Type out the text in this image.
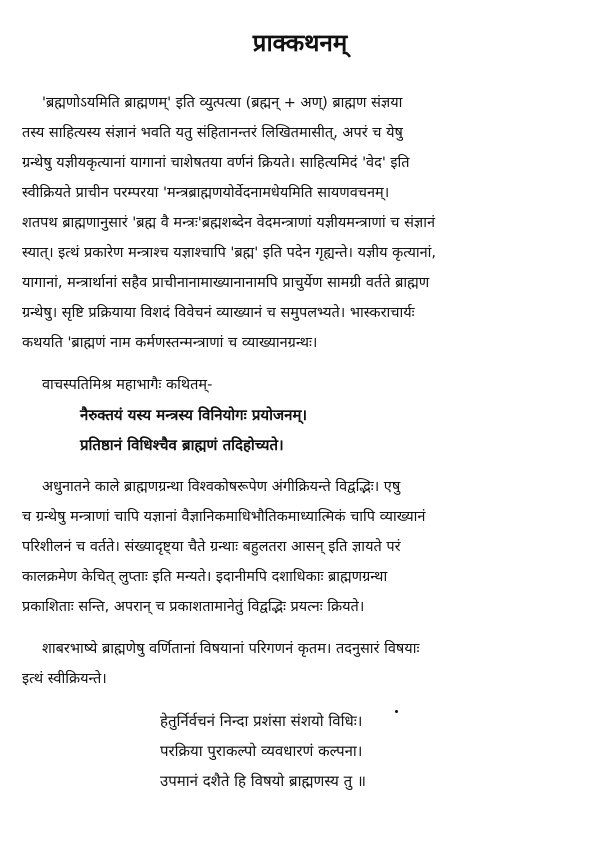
प्राक्कथनम्
'ब्रह्मणोऽयमिति ब्राह्मणम्' इति व्युत्पत्या (ब्रह्मन् + अण्) ब्राह्मण संज्ञया
तस्य साहित्यस्य संज्ञानं भवति यतु संहितानन्तरं लिखितमासीत्, अपरं च येषु
ग्रन्थेषु यज्ञीयकृत्यानां यागानां चाशेषतया वर्णनं क्रियते। साहित्यमिदं 'वेद' इति
स्वीक्रियते प्राचीन परम्परया 'मन्त्रब्राह्मणयोर्वेदनामधेयमिति सायणवचनम्।
शतपथ ब्राह्मणानुसारं 'ब्रह्म वै मन्त्रः'ब्रह्मशब्देन वेदमन्त्राणां यज्ञीयमन्त्राणां च संज्ञानं
स्यात्। इत्थं प्रकारेण मन्त्राश्च यज्ञाश्चापि 'ब्रह्म' इति पदेन गृह्यन्ते। यज्ञीय कृत्यानां,
यागानां, मन्त्रार्थानां सहैव प्राचीनानामाख्यानानामपि प्राचुर्येण सामग्री वर्तते ब्राह्मण
ग्रन्थेषु। सृष्टि प्रक्रियाया विशदं विवेचनं व्याख्यानं च समुपलभ्यते। भास्कराचार्यः
कथयति 'ब्राह्मणं नाम कर्मणस्तन्मन्त्राणां च व्याख्यानग्रन्थः।
वाचस्पतिमिश्र महाभागैः कथितम्-

नैरुक्तयं यस्य मन्त्रस्य विनियोगः प्रयोजनम्।

प्रतिष्ठानं विधिश्चैव ब्राह्मणं तदिहोच्यते।

अधुनातने काले ब्राह्मणग्रन्था विश्वकोषरूपेण अंगीक्रियन्ते विद्वद्भिः। एषु
च ग्रन्थेषु मन्त्राणां चापि यज्ञानां वैज्ञानिकमाधिभौतिकमाध्यात्मिकं चापि व्याख्यानं
परिशीलनं च वर्तते। संख्यादृष्ट्या चैते ग्रन्थाः बहुलतरा आसन् इति ज्ञायते परं
कालक्रमेण केचित् लुप्ताः इति मन्यते। इदानीमपि दशाधिकाः ब्राह्मणग्रन्था
प्रकाशिताः सन्ति, अपरान् च प्रकाशतामानेतुं विद्वद्भिः प्रयत्नः क्रियते।
शाबरभाष्ये ब्राह्मणेषु वर्णितानां विषयानां परिगणनं कृतम। तदनुसारं विषयाः
इत्थं स्वीक्रियन्ते।

हेतुर्निर्वचनं निन्दा प्रशंसा संशयो विधिः।

परक्रिया पुराकल्पो व्यवधारणं कल्पना।

उपमानं दशैते हि विषयो ब्राह्मणस्य तु ॥
